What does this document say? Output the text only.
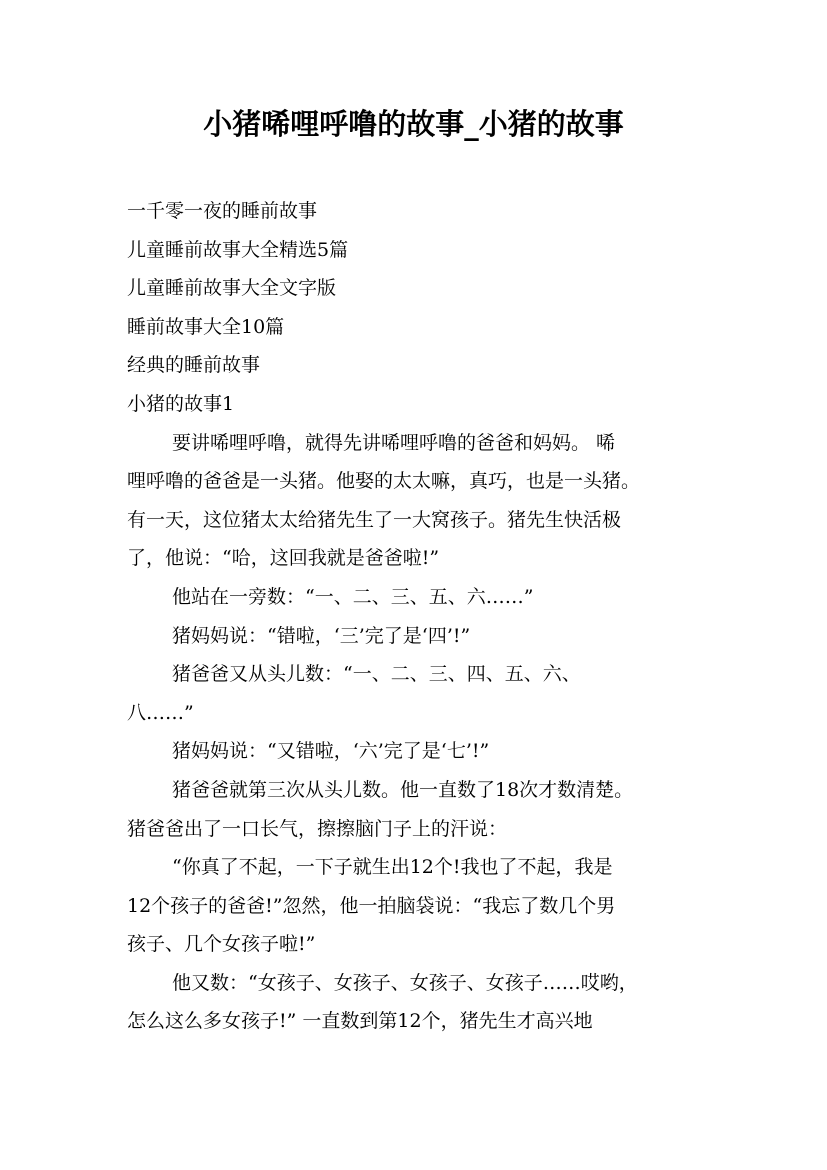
小猪唏哩呼噜的故事_小猪的故事
一千零一夜的睡前故事
儿童睡前故事大全精选5篇
儿童睡前故事大全文字版
睡前故事大全10篇
经典的睡前故事
小猪的故事1
要讲唏哩呼噜，就得先讲唏哩呼噜的爸爸和妈妈。 唏
哩呼噜的爸爸是一头猪。他娶的太太嘛，真巧，也是一头猪。
有一天，这位猪太太给猪先生了一大窝孩子。猪先生快活极
了，他说：“哈，这回我就是爸爸啦!”
他站在一旁数：“一、二、三、五、六……”
猪妈妈说：“错啦，‘三’完了是‘四’!”
猪爸爸又从头儿数：“一、二、三、四、五、六、
八……”
猪妈妈说：“又错啦，‘六’完了是‘七’!”
猪爸爸就第三次从头儿数。他一直数了18次才数清楚。
猪爸爸出了一口长气，擦擦脑门子上的汗说：
“你真了不起，一下子就生出12个!我也了不起，我是
12个孩子的爸爸!”忽然，他一拍脑袋说：“我忘了数几个男
孩子、几个女孩子啦!”
他又数：“女孩子、女孩子、女孩子、女孩子……哎哟，
怎么这么多女孩子!” 一直数到第12个，猪先生才高兴地
